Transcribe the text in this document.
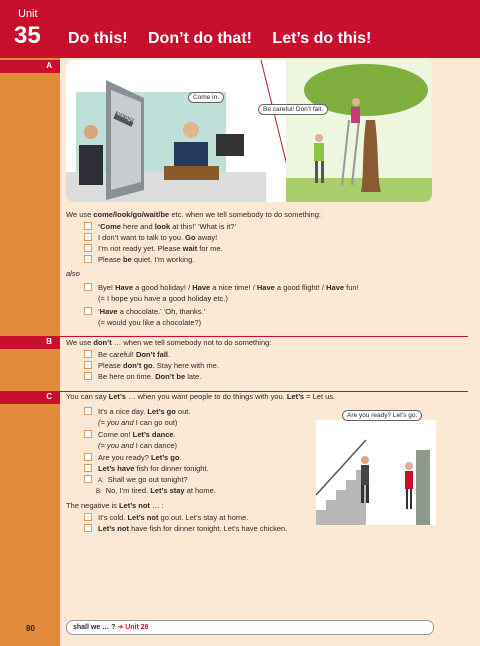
Unit
35 Do this! Don’t do that! Let’s do this!
A
Manager
Come in.
Be careful! Don’t fall.
We use come/look/go/wait/be etc. when we tell somebody to do something:
‘Come here and look at this!’ ‘What is it?’
I don’t want to talk to you. Go away!
I’m not ready yet. Please wait for me.
Please be quiet. I’m working.
also
Bye! Have a good holiday! / Have a nice time! / Have a good flight! / Have fun!
(= I hope you have a good holiday etc.)
‘Have a chocolate.’ ‘Oh, thanks.’
(= would you like a chocolate?)
B We use don’t … when we tell somebody not to do something:
Be careful! Don’t fall.
Please don’t go. Stay here with me.
Be here on time. Don’t be late.
C You can say Let’s … when you want people to do things with you. Let’s = Let us.
It’s a nice day. Let’s go out.
(= you and I can go out)
Come on! Let’s dance.
(= you and I can dance)
Are you ready? Let’s go.
Let’s have fish for dinner tonight.
A: Shall we go out tonight?
B: No, I’m tired. Let’s stay at home.
The negative is Let’s not … :
It’s cold. Let’s not go out. Let’s stay at home.
Let’s not have fish for dinner tonight. Let’s have chicken.
Are you ready? Let’s go.
80	shall we … ? ➜ Unit 28
